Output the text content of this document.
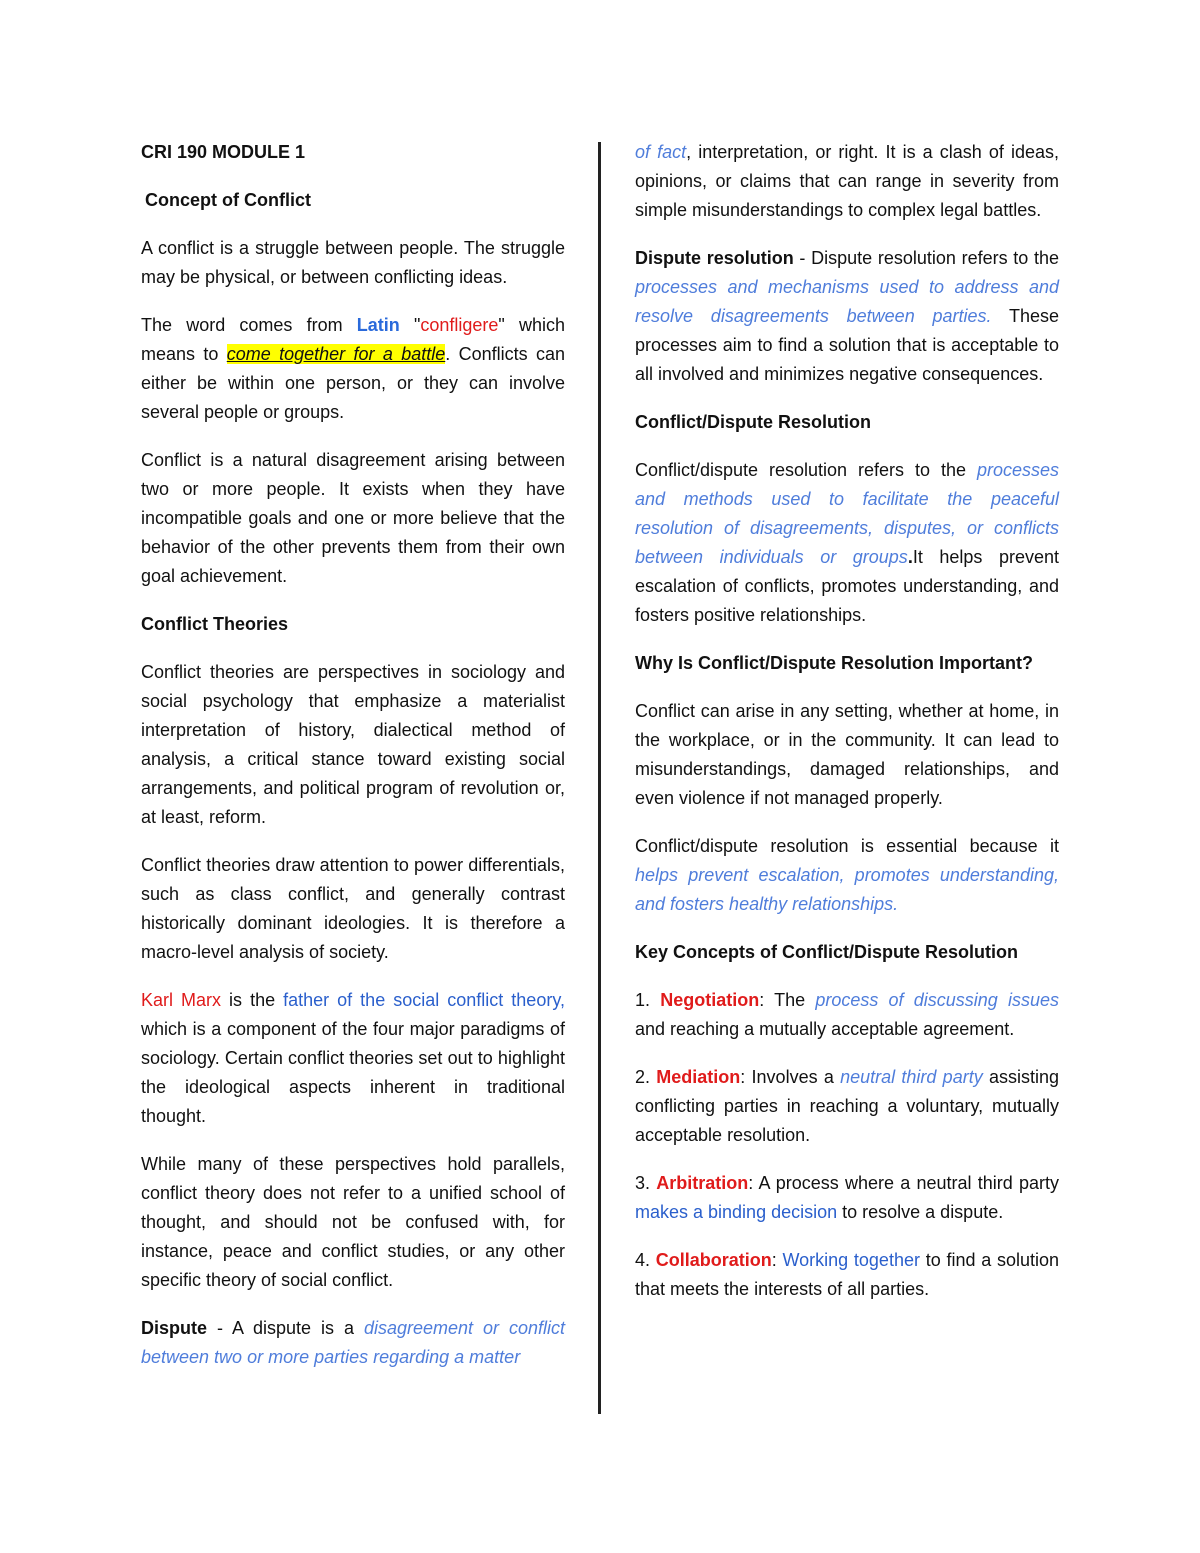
CRI 190 MODULE 1

Concept of Conflict

A conflict is a struggle between people. The struggle may be physical, or between conflicting ideas.

The word comes from Latin "confligere" which means to come together for a battle. Conflicts can either be within one person, or they can involve several people or groups.

Conflict is a natural disagreement arising between two or more people. It exists when they have incompatible goals and one or more believe that the behavior of the other prevents them from their own goal achievement.

Conflict Theories

Conflict theories are perspectives in sociology and social psychology that emphasize a materialist interpretation of history, dialectical method of analysis, a critical stance toward existing social arrangements, and political program of revolution or, at least, reform.

Conflict theories draw attention to power differentials, such as class conflict, and generally contrast historically dominant ideologies. It is therefore a macro-level analysis of society.

Karl Marx is the father of the social conflict theory, which is a component of the four major paradigms of sociology. Certain conflict theories set out to highlight the ideological aspects inherent in traditional thought.

While many of these perspectives hold parallels, conflict theory does not refer to a unified school of thought, and should not be confused with, for instance, peace and conflict studies, or any other specific theory of social conflict.

Dispute - A dispute is a disagreement or conflict between two or more parties regarding a matter

of fact, interpretation, or right. It is a clash of ideas, opinions, or claims that can range in severity from simple misunderstandings to complex legal battles.

Dispute resolution - Dispute resolution refers to the processes and mechanisms used to address and resolve disagreements between parties. These processes aim to find a solution that is acceptable to all involved and minimizes negative consequences.

Conflict/Dispute Resolution

Conflict/dispute resolution refers to the processes and methods used to facilitate the peaceful resolution of disagreements, disputes, or conflicts between individuals or groups.It helps prevent escalation of conflicts, promotes understanding, and fosters positive relationships.

Why Is Conflict/Dispute Resolution Important?

Conflict can arise in any setting, whether at home, in the workplace, or in the community. It can lead to misunderstandings, damaged relationships, and even violence if not managed properly.

Conflict/dispute resolution is essential because it helps prevent escalation, promotes understanding, and fosters healthy relationships.

Key Concepts of Conflict/Dispute Resolution

1. Negotiation: The process of discussing issues and reaching a mutually acceptable agreement.

2. Mediation: Involves a neutral third party assisting conflicting parties in reaching a voluntary, mutually acceptable resolution.

3. Arbitration: A process where a neutral third party makes a binding decision to resolve a dispute.

4. Collaboration: Working together to find a solution that meets the interests of all parties.
